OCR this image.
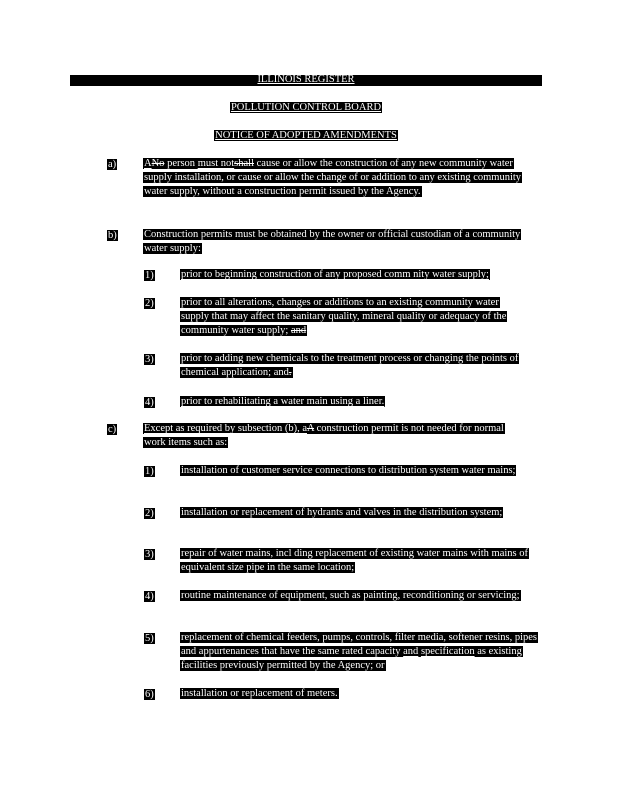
ILLINOIS REGISTER
POLLUTION CONTROL BOARD
NOTICE OF ADOPTED AMENDMENTS
a)	ANo person must notshall cause or allow the construction of any new community water supply installation, or cause or allow the change of or addition to any existing community water supply, without a construction permit issued by the Agency.
b)	Construction permits must be obtained by the owner or official custodian of a community water supply:
1)	prior to beginning construction of any proposed comm nity water supply;
2)	prior to all alterations, changes or additions to an existing community water supply that may affect the sanitary quality, mineral quality or adequacy of the community water supply; and
3)	prior to adding new chemicals to the treatment process or changing the points of chemical application; and.
4)	prior to rehabilitating a water main using a liner.
c)	Except as required by subsection (b), aA construction permit is not needed for normal work items such as:
1)	installation of customer service connections to distribution system water mains;
2)	installation or replacement of hydrants and valves in the distribution system;
3)	repair of water mains, incl ding replacement of existing water mains with mains of equivalent size pipe in the same location;
4)	routine maintenance of equipment, such as painting, reconditioning or servicing;
5)	replacement of chemical feeders, pumps, controls, filter media, softener resins, pipes and appurtenances that have the same rated capacity and specification as existing facilities previously permitted by the Agency; or
6)	installation or replacement of meters.
